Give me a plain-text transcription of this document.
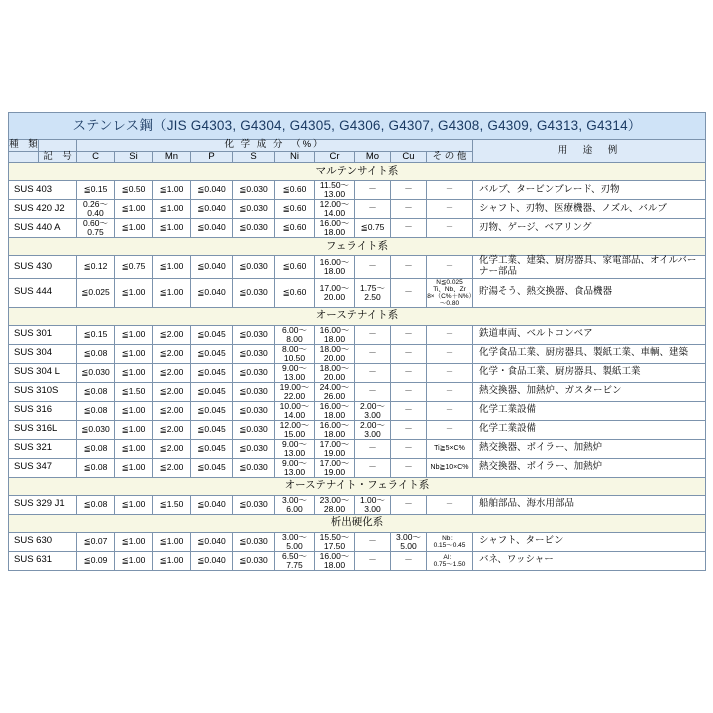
ステンレス鋼（JIS G4303, G4304, G4305, G4306, G4307, G4308, G4309, G4313, G4314）												
種　類		化 学 成 分　（%）										用　途　例
	記　号	C	Si	Mn	P	S	Ni	Cr	Mo	Cu	そ の 他	
マルテンサイト系												
SUS 403		≦0.15	≦0.50	≦1.00	≦0.040	≦0.030	≦0.60	11.50～
13.00	－	－	－	バルブ、タービンブレード、刃物
SUS 420 J2		0.26～
0.40	≦1.00	≦1.00	≦0.040	≦0.030	≦0.60	12.00～
14.00	－	－	－	シャフト、刃物、医療機器、ノズル、バルブ
SUS 440 A		0.60～
0.75	≦1.00	≦1.00	≦0.040	≦0.030	≦0.60	16.00～
18.00	≦0.75	－	－	刃物、ゲージ、ベアリング
フェライト系												
SUS 430		≦0.12	≦0.75	≦1.00	≦0.040	≦0.030	≦0.60	16.00～
18.00	－	－	－	化学工業、建築、厨房器具、家電部品、オイルバーナー部品
SUS 444		≦0.025	≦1.00	≦1.00	≦0.040	≦0.030	≦0.60	17.00～
20.00	1.75～
2.50	－	N≦0.025
Ti、Nb、Zr
8×（C%＋N%）～0.80	貯湯そう、熱交換器、食品機器
オーステナイト系												
SUS 301		≦0.15	≦1.00	≦2.00	≦0.045	≦0.030	6.00～
8.00	16.00～
18.00	－	－	－	鉄道車両、ベルトコンベア
SUS 304		≦0.08	≦1.00	≦2.00	≦0.045	≦0.030	8.00～
10.50	18.00～
20.00	－	－	－	化学食品工業、厨房器具、製紙工業、車輌、建築
SUS 304 L		≦0.030	≦1.00	≦2.00	≦0.045	≦0.030	9.00～
13.00	18.00～
20.00	－	－	－	化学・食品工業、厨房器具、製紙工業
SUS 310S		≦0.08	≦1.50	≦2.00	≦0.045	≦0.030	19.00～
22.00	24.00～
26.00	－	－	－	熱交換器、加熱炉、ガスタービン
SUS 316		≦0.08	≦1.00	≦2.00	≦0.045	≦0.030	10.00～
14.00	16.00～
18.00	2.00～
3.00	－	－	化学工業設備
SUS 316L		≦0.030	≦1.00	≦2.00	≦0.045	≦0.030	12.00～
15.00	16.00～
18.00	2.00～
3.00	－	－	化学工業設備
SUS 321		≦0.08	≦1.00	≦2.00	≦0.045	≦0.030	9.00～
13.00	17.00～
19.00	－	－	Ti≧5×C%	熱交換器、ボイラー、加熱炉
SUS 347		≦0.08	≦1.00	≦2.00	≦0.045	≦0.030	9.00～
13.00	17.00～
19.00	－	－	Nb≧10×C%	熱交換器、ボイラー、加熱炉
オーステナイト・フェライト系												
SUS 329 J1		≦0.08	≦1.00	≦1.50	≦0.040	≦0.030	3.00～
6.00	23.00～
28.00	1.00～
3.00	－	－	船舶部品、海水用部品
析出硬化系												
SUS 630		≦0.07	≦1.00	≦1.00	≦0.040	≦0.030	3.00～
5.00	15.50～
17.50	－	3.00～
5.00	Nb：
0.15～0.45	シャフト、タービン
SUS 631		≦0.09	≦1.00	≦1.00	≦0.040	≦0.030	6.50～
7.75	16.00～
18.00	－	－	Al：
0.75～1.50	バネ、ワッシャー
